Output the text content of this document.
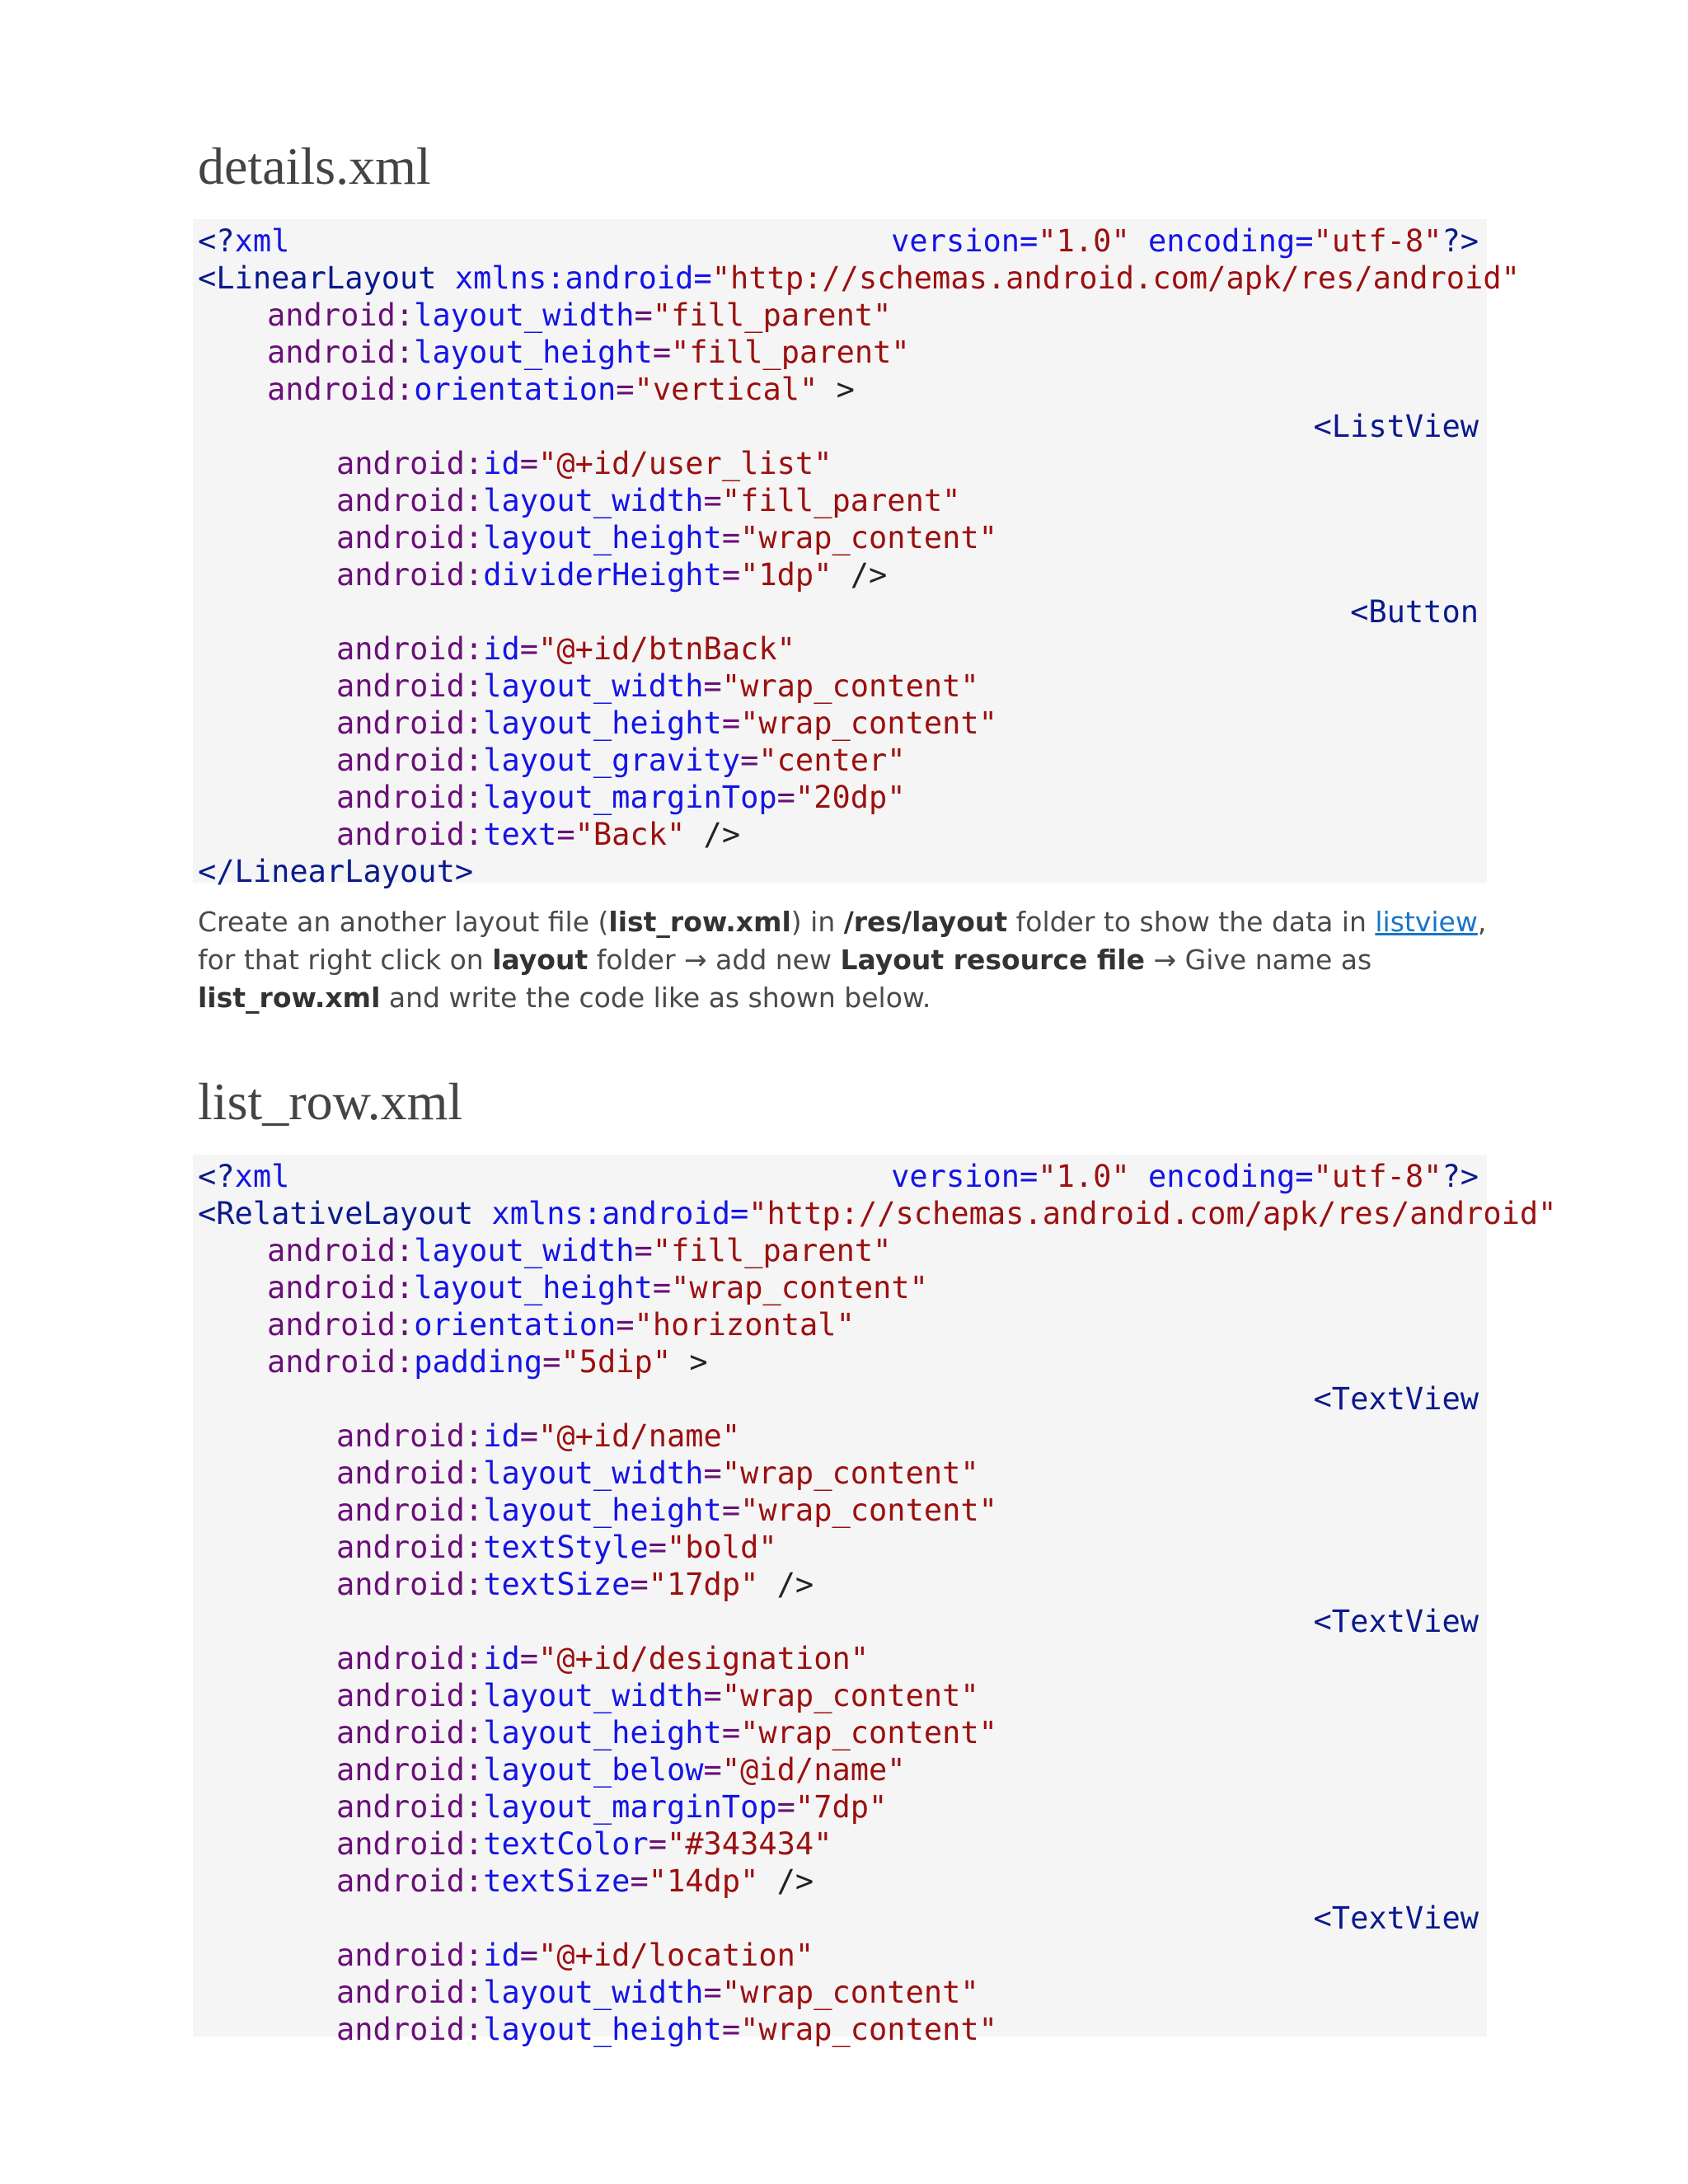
details.xml
<?xml	version="1.0" encoding="utf-8"?>
<LinearLayout xmlns:android="http://schemas.android.com/apk/res/android"
android:layout_width="fill_parent"
android:layout_height="fill_parent"
android:orientation="vertical" >
<ListView
android:id="@+id/user_list"
android:layout_width="fill_parent"
android:layout_height="wrap_content"
android:dividerHeight="1dp" />
<Button
android:id="@+id/btnBack"
android:layout_width="wrap_content"
android:layout_height="wrap_content"
android:layout_gravity="center"
android:layout_marginTop="20dp"
android:text="Back" />
</LinearLayout>
Create an another layout file (list_row.xml) in /res/layout folder to show the data in listview, for that right click on layout folder → add new Layout resource file → Give name as list_row.xml and write the code like as shown below.
list_row.xml
<?xml	version="1.0" encoding="utf-8"?>
<RelativeLayout xmlns:android="http://schemas.android.com/apk/res/android"
android:layout_width="fill_parent"
android:layout_height="wrap_content"
android:orientation="horizontal"
android:padding="5dip" >
<TextView
android:id="@+id/name"
android:layout_width="wrap_content"
android:layout_height="wrap_content"
android:textStyle="bold"
android:textSize="17dp" />
<TextView
android:id="@+id/designation"
android:layout_width="wrap_content"
android:layout_height="wrap_content"
android:layout_below="@id/name"
android:layout_marginTop="7dp"
android:textColor="#343434"
android:textSize="14dp" />
<TextView
android:id="@+id/location"
android:layout_width="wrap_content"
android:layout_height="wrap_content"
